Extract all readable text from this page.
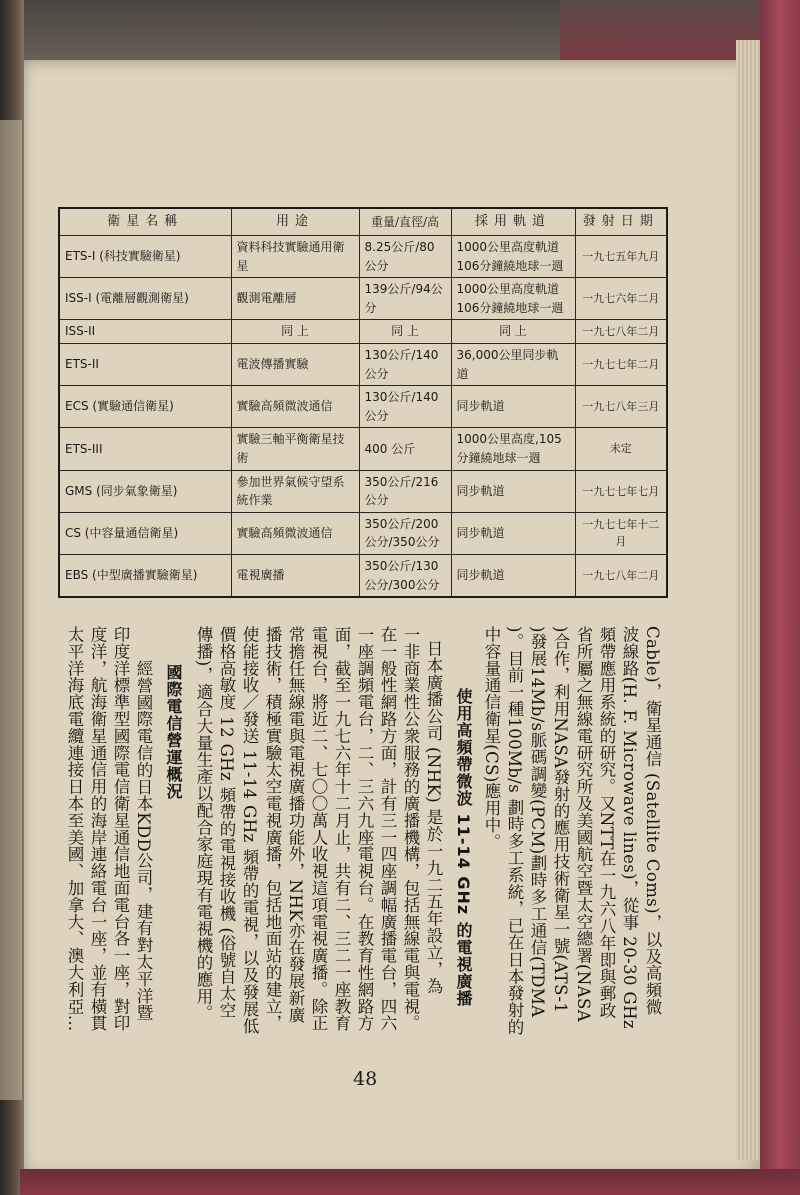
衛星名稱	用途	重量/直徑/高	採用軌道	發射日期
ETS-I (科技實驗衛星)	資料科技實驗通用衛星	8.25公斤/80公分	1000公里高度軌道 106分鐘繞地球一週	一九七五年九月
ISS-I (電離層觀測衛星)	觀測電離層	139公斤/94公分	1000公里高度軌道 106分鐘繞地球一週	一九七六年二月
ISS-II	同 上	同 上	同 上	一九七八年二月
ETS-II	電波傳播實驗	130公斤/140公分	36,000公里同步軌道	一九七七年二月
ECS (實驗通信衛星)	實驗高頻微波通信	130公斤/140公分	同步軌道	一九七八年三月
ETS-III	實驗三軸平衡衛星技術	400 公斤	1000公里高度,105分鐘繞地球一週	未定
GMS (同步氣象衛星)	參加世界氣候守望系統作業	350公斤/216公分	同步軌道	一九七七年七月
CS (中容量通信衛星)	實驗高頻微波通信	350公斤/200公分/350公分	同步軌道	一九七七年十二月
EBS (中型廣播實驗衛星)	電視廣播	350公斤/130公分/300公分	同步軌道	一九七八年二月
Cable)，衛星通信 (Satellite Coms)，以及高頻微
波線路(H. F. Microwave lines)，從事 20-30 GHz
頻帶應用系統的研究。又NTT在一九六八年即與郵政
省所屬之無線電研究所及美國航空暨太空總署(NASA
)合作，利用NASA發射的應用技術衛星一號(ATS-1
)發展14Mb/s脈碼調變(PCM)劃時多工通信(TDMA
)。目前一種100Mb/s 劃時多工系統，已在日本發射的
中容量通信衛星(CS)應用中。
使用高頻帶微波 11-14 GHz 的電視廣播
日本廣播公司 (NHK) 是於一九二五年設立，為
一非商業性公衆服務的廣播機構，包括無線電與電視。
在一般性網路方面，計有三一四座調幅廣播電台，四六
一座調頻電台，二、三六九座電視台。在教育性網路方
面，截至一九七六年十二月止，共有二、三二一座教育
電視台，將近二、七〇〇萬人收視這項電視廣播。除正
常擔任無線電與電視廣播功能外，NHK亦在發展新廣
播技術，積極實驗太空電視廣播，包括地面站的建立，
使能接收／發送 11-14 GHz 頻帶的電視，以及發展低
價格高敏度 12 GHz 頻帶的電視接收機 (俗號自太空
傳播)，適合大量生產以配合家庭現有電視機的應用。
國際電信營運概況
經營國際電信的日本KDD公司，建有對太平洋暨
印度洋標準型國際電信衛星通信地面電台各一座，對印
度洋，航海衛星通信用的海岸連絡電台一座，並有橫貫
太平洋海底電纜連接日本至美國、加拿大、澳大利亞…
48
